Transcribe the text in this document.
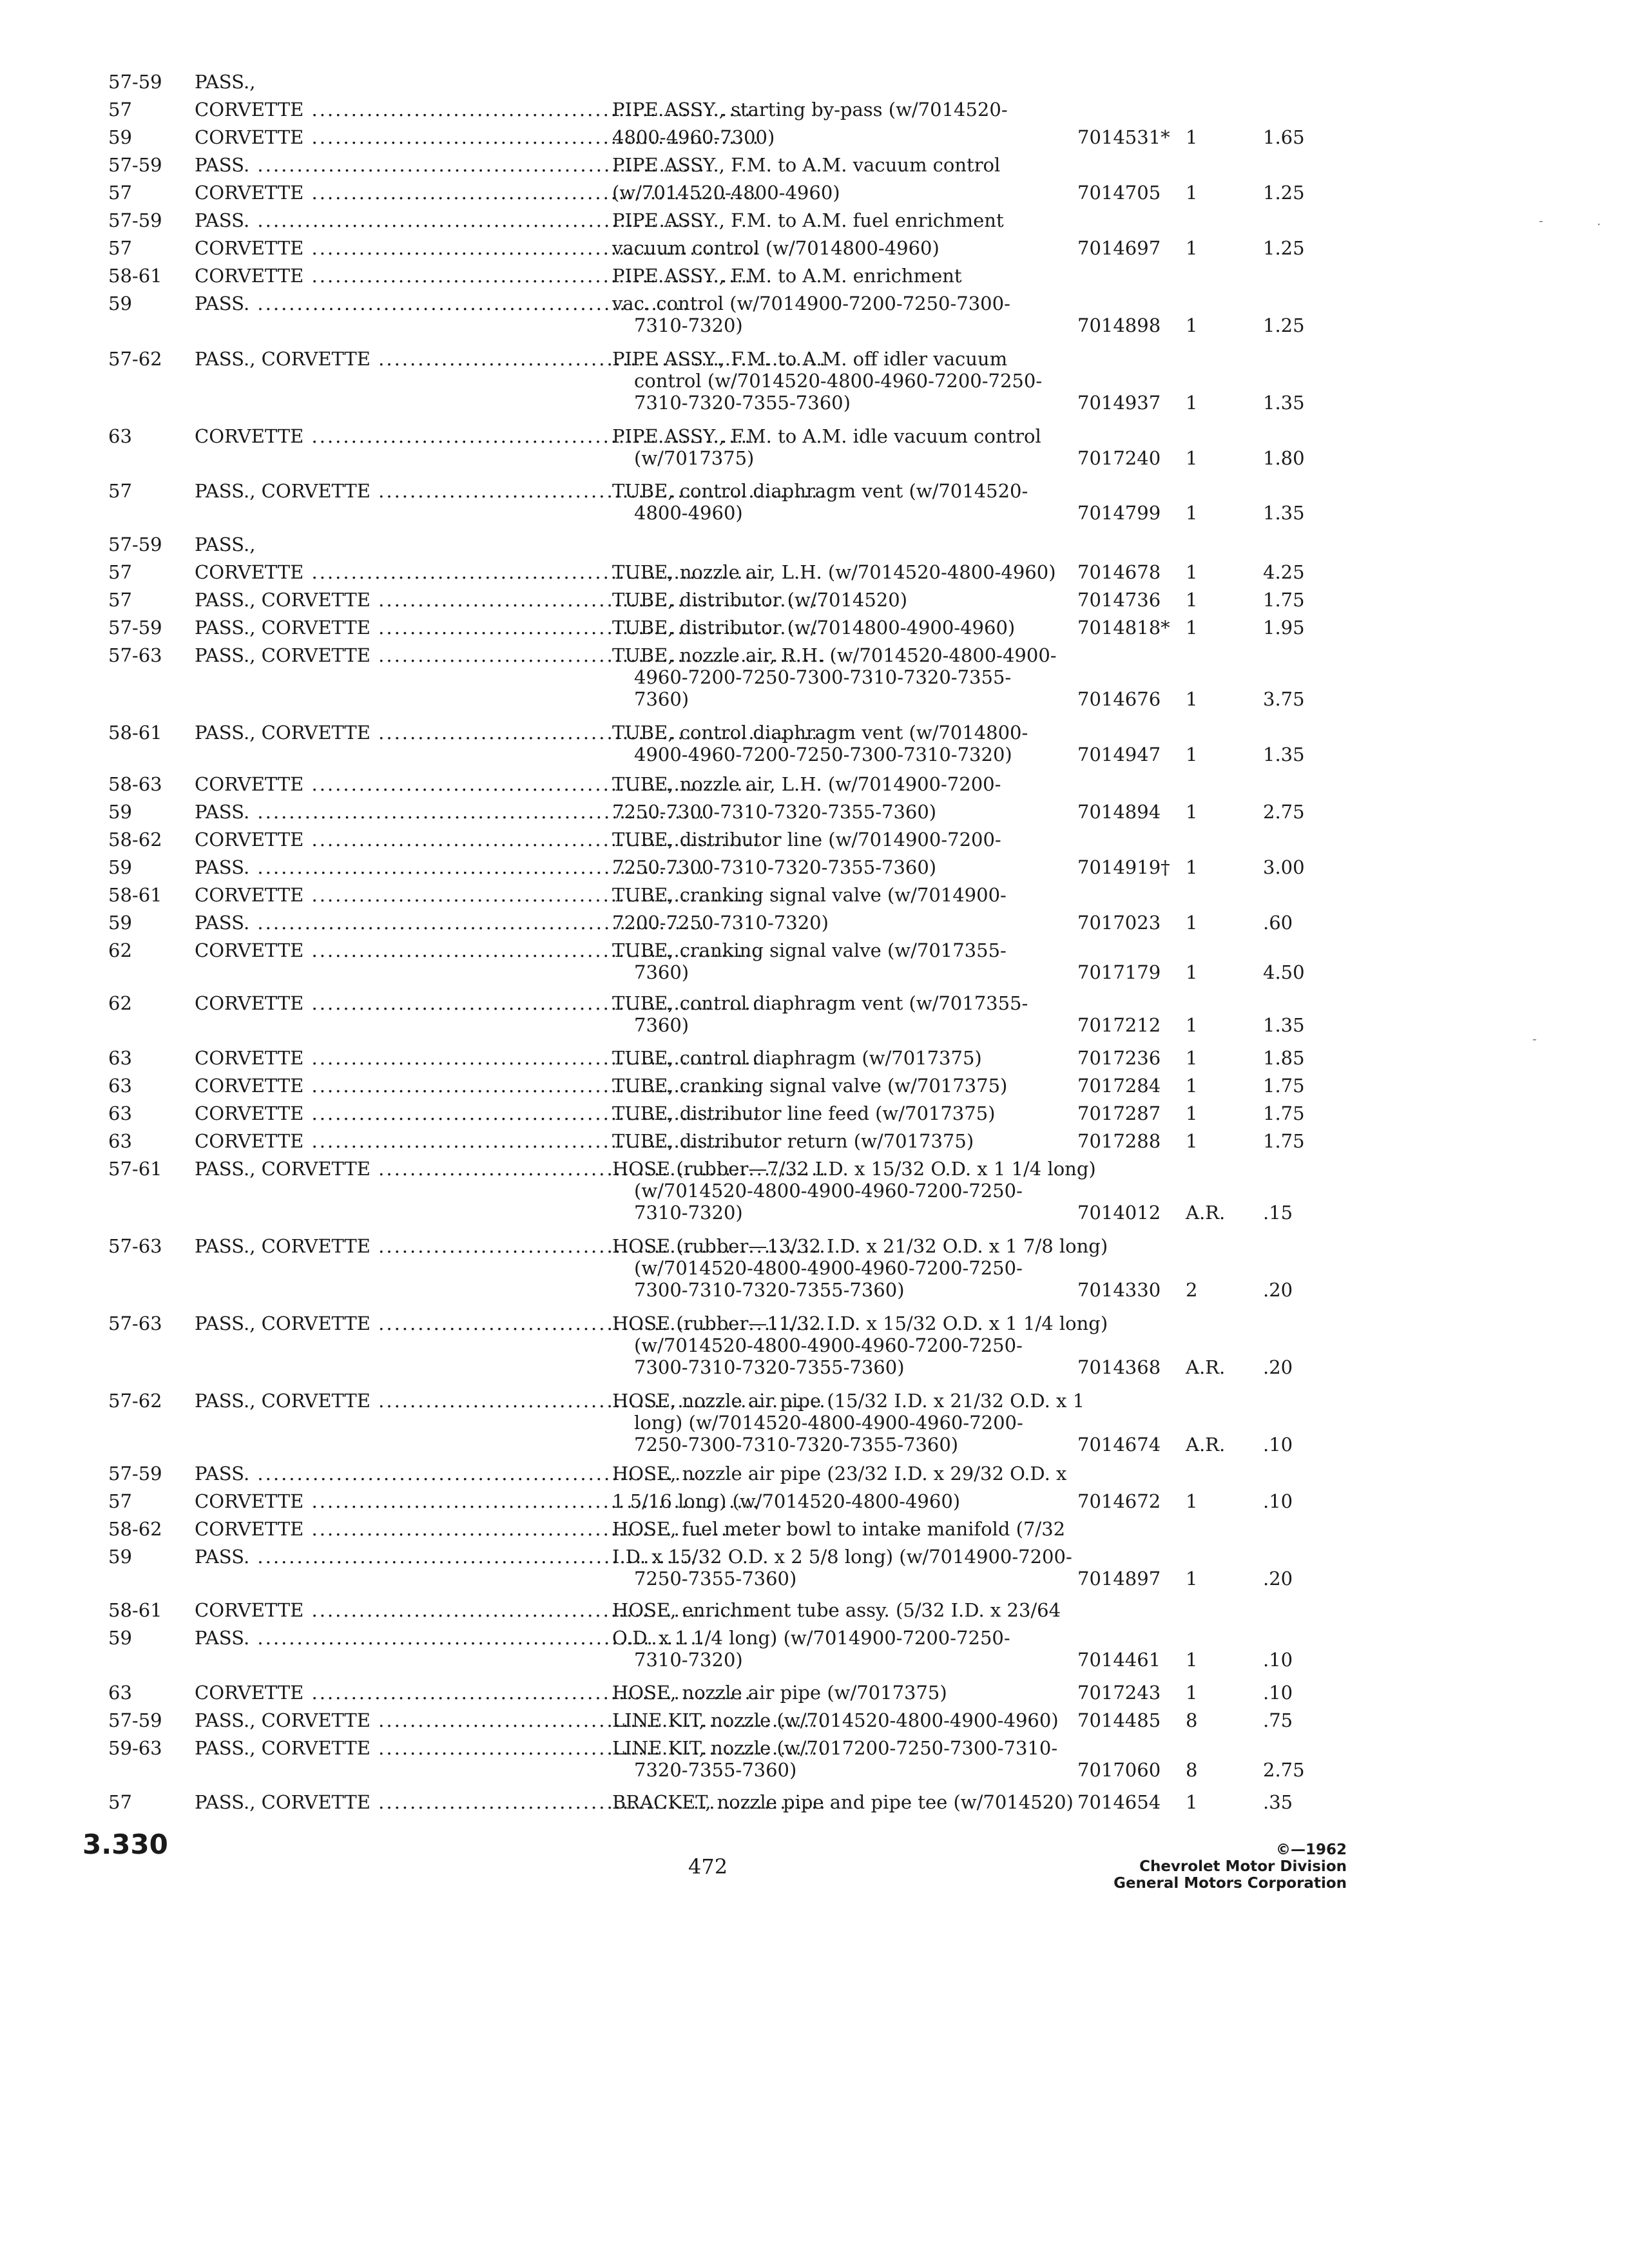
57-59 PASS.,
57	CORVETTE .....	PIPE ASSY., starting by-pass (w/7014520-
59	CORVETTE .....	4800-4960-7300)	7014531* 1	1.65
57-59 PASS. .....	PIPE ASSY., F.M. to A.M. vacuum control
57	CORVETTE .....	(w/7014520-4800-4960)	7014705 1	1.25
57-59 PASS. .....	PIPE ASSY., F.M. to A.M. fuel enrichment
57	CORVETTE .....	vacuum control (w/7014800-4960)	7014697 1	1.25
58-61 CORVETTE .....	PIPE ASSY., F.M. to A.M. enrichment
59	PASS. .....	vac. control (w/7014900-7200-7250-7300-
7310-7320)	7014898 1	1.25
57-62 PASS., CORVETTE .....	PIPE ASSY., F.M. to A.M. off idler vacuum
control (w/7014520-4800-4960-7200-7250-
7310-7320-7355-7360)	7014937 1	1.35
63	CORVETTE .....	PIPE ASSY., F.M. to A.M. idle vacuum control
(w/7017375)	7017240 1	1.80
57	PASS., CORVETTE .....	TUBE, control diaphragm vent (w/7014520-
4800-4960)	7014799 1	1.35
57-59 PASS.,
57	CORVETTE .....	TUBE, nozzle air, L.H. (w/7014520-4800-4960) 7014678 1	4.25
57	PASS., CORVETTE .....	TUBE, distributor (w/7014520)	7014736 1	1.75
57-59 PASS., CORVETTE .....	TUBE, distributor (w/7014800-4900-4960)	7014818* 1	1.95
57-63 PASS., CORVETTE .....	TUBE, nozzle air, R.H. (w/7014520-4800-4900-
4960-7200-7250-7300-7310-7320-7355-
7360)	7014676 1	3.75
58-61 PASS., CORVETTE .....	TUBE, control diaphragm vent (w/7014800-
4900-4960-7200-7250-7300-7310-7320)	7014947 1	1.35
58-63 CORVETTE .....	TUBE, nozzle air, L.H. (w/7014900-7200-
59	PASS. .....	7250-7300-7310-7320-7355-7360)	7014894 1	2.75
58-62 CORVETTE .....	TUBE, distributor line (w/7014900-7200-
59	PASS. .....	7250-7300-7310-7320-7355-7360)	7014919† 1	3.00
58-61 CORVETTE .....	TUBE, cranking signal valve (w/7014900-
59	PASS. .....	7200-7250-7310-7320)	7017023 1	.60
62	CORVETTE .....	TUBE, cranking signal valve (w/7017355-
7360)	7017179 1	4.50
62	CORVETTE .....	TUBE, control diaphragm vent (w/7017355-
7360)	7017212 1	1.35
63	CORVETTE .....	TUBE, control diaphragm (w/7017375)	7017236 1	1.85
63	CORVETTE .....	TUBE, cranking signal valve (w/7017375)	7017284 1	1.75
63	CORVETTE .....	TUBE, distributor line feed (w/7017375)	7017287 1	1.75
63	CORVETTE .....	TUBE, distributor return (w/7017375)	7017288 1	1.75
57-61 PASS., CORVETTE .....	HOSE (rubber—7/32 I.D. x 15/32 O.D. x 1 1/4 long)
(w/7014520-4800-4900-4960-7200-7250-
7310-7320)	7014012 A.R. .15
57-63 PASS., CORVETTE .....	HOSE (rubber—13/32 I.D. x 21/32 O.D. x 1 7/8 long)
(w/7014520-4800-4900-4960-7200-7250-
7300-7310-7320-7355-7360)	7014330 2	.20
57-63 PASS., CORVETTE .....	HOSE (rubber—11/32 I.D. x 15/32 O.D. x 1 1/4 long)
(w/7014520-4800-4900-4960-7200-7250-
7300-7310-7320-7355-7360)	7014368 A.R. .20
57-62 PASS., CORVETTE .....	HOSE, nozzle air pipe (15/32 I.D. x 21/32 O.D. x 1
long) (w/7014520-4800-4900-4960-7200-
7250-7300-7310-7320-7355-7360)	7014674 A.R. .10
57-59 PASS. .....	HOSE, nozzle air pipe (23/32 I.D. x 29/32 O.D. x
57	CORVETTE .....	1 5/16 long) (w/7014520-4800-4960)	7014672 1	.10
58-62 CORVETTE .....	HOSE, fuel meter bowl to intake manifold (7/32
59	PASS. .....	I.D. x 15/32 O.D. x 2 5/8 long) (w/7014900-7200-
7250-7355-7360)	7014897 1	.20
58-61 CORVETTE .....	HOSE, enrichment tube assy. (5/32 I.D. x 23/64
59	PASS. .....	O.D. x 1 1/4 long) (w/7014900-7200-7250-
7310-7320)	7014461 1	.10
63	CORVETTE .....	HOSE, nozzle air pipe (w/7017375)	7017243 1	.10
57-59 PASS., CORVETTE .....	LINE KIT, nozzle (w/7014520-4800-4900-4960) 7014485 8	.75
59-63 PASS., CORVETTE .....	LINE KIT, nozzle (w/7017200-7250-7300-7310-
7320-7355-7360)	7017060 8	2.75
57	PASS., CORVETTE .....	BRACKET, nozzle pipe and pipe tee (w/7014520) 7014654 1	.35
3.330
472
©—1962
Chevrolet Motor Division
General Motors Corporation
-	·
-
